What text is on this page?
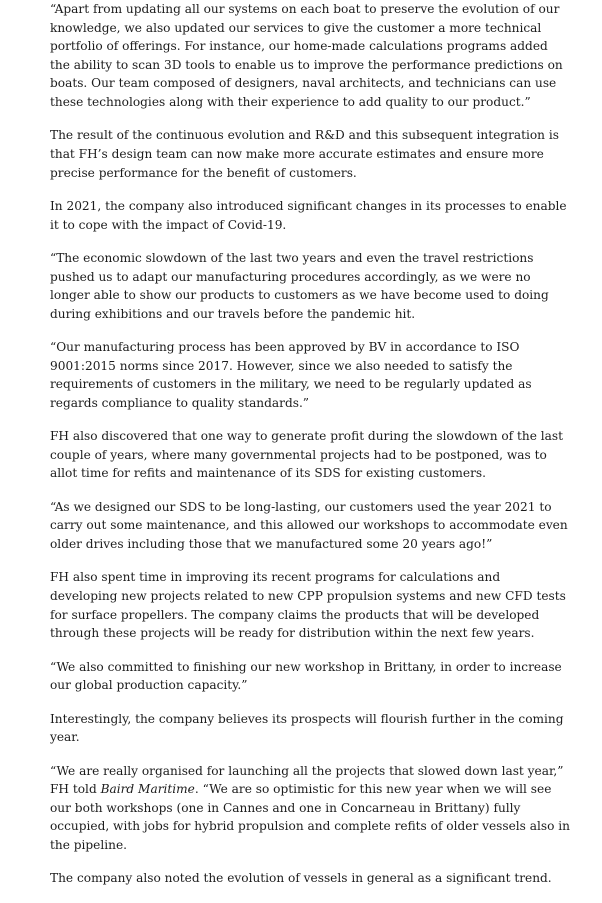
“Apart from updating all our systems on each boat to preserve the evolution of our knowledge, we also updated our services to give the customer a more technical portfolio of offerings. For instance, our home-made calculations programs added the ability to scan 3D tools to enable us to improve the performance predictions on boats. Our team composed of designers, naval architects, and technicians can use these technologies along with their experience to add quality to our product.”

The result of the continuous evolution and R&D and this subsequent integration is that FH’s design team can now make more accurate estimates and ensure more precise performance for the benefit of customers.

In 2021, the company also introduced significant changes in its processes to enable it to cope with the impact of Covid-19.

“The economic slowdown of the last two years and even the travel restrictions pushed us to adapt our manufacturing procedures accordingly, as we were no longer able to show our products to customers as we have become used to doing during exhibitions and our travels before the pandemic hit.

“Our manufacturing process has been approved by BV in accordance to ISO 9001:2015 norms since 2017. However, since we also needed to satisfy the requirements of customers in the military, we need to be regularly updated as regards compliance to quality standards.”

FH also discovered that one way to generate profit during the slowdown of the last couple of years, where many governmental projects had to be postponed, was to allot time for refits and maintenance of its SDS for existing customers.

“As we designed our SDS to be long-lasting, our customers used the year 2021 to carry out some maintenance, and this allowed our workshops to accommodate even older drives including those that we manufactured some 20 years ago!”

FH also spent time in improving its recent programs for calculations and developing new projects related to new CPP propulsion systems and new CFD tests for surface propellers. The company claims the products that will be developed through these projects will be ready for distribution within the next few years.

“We also committed to finishing our new workshop in Brittany, in order to increase our global production capacity.”

Interestingly, the company believes its prospects will flourish further in the coming year.

“We are really organised for launching all the projects that slowed down last year,” FH told Baird Maritime. “We are so optimistic for this new year when we will see our both workshops (one in Cannes and one in Concarneau in Brittany) fully occupied, with jobs for hybrid propulsion and complete refits of older vessels also in the pipeline.

The company also noted the evolution of vessels in general as a significant trend.
